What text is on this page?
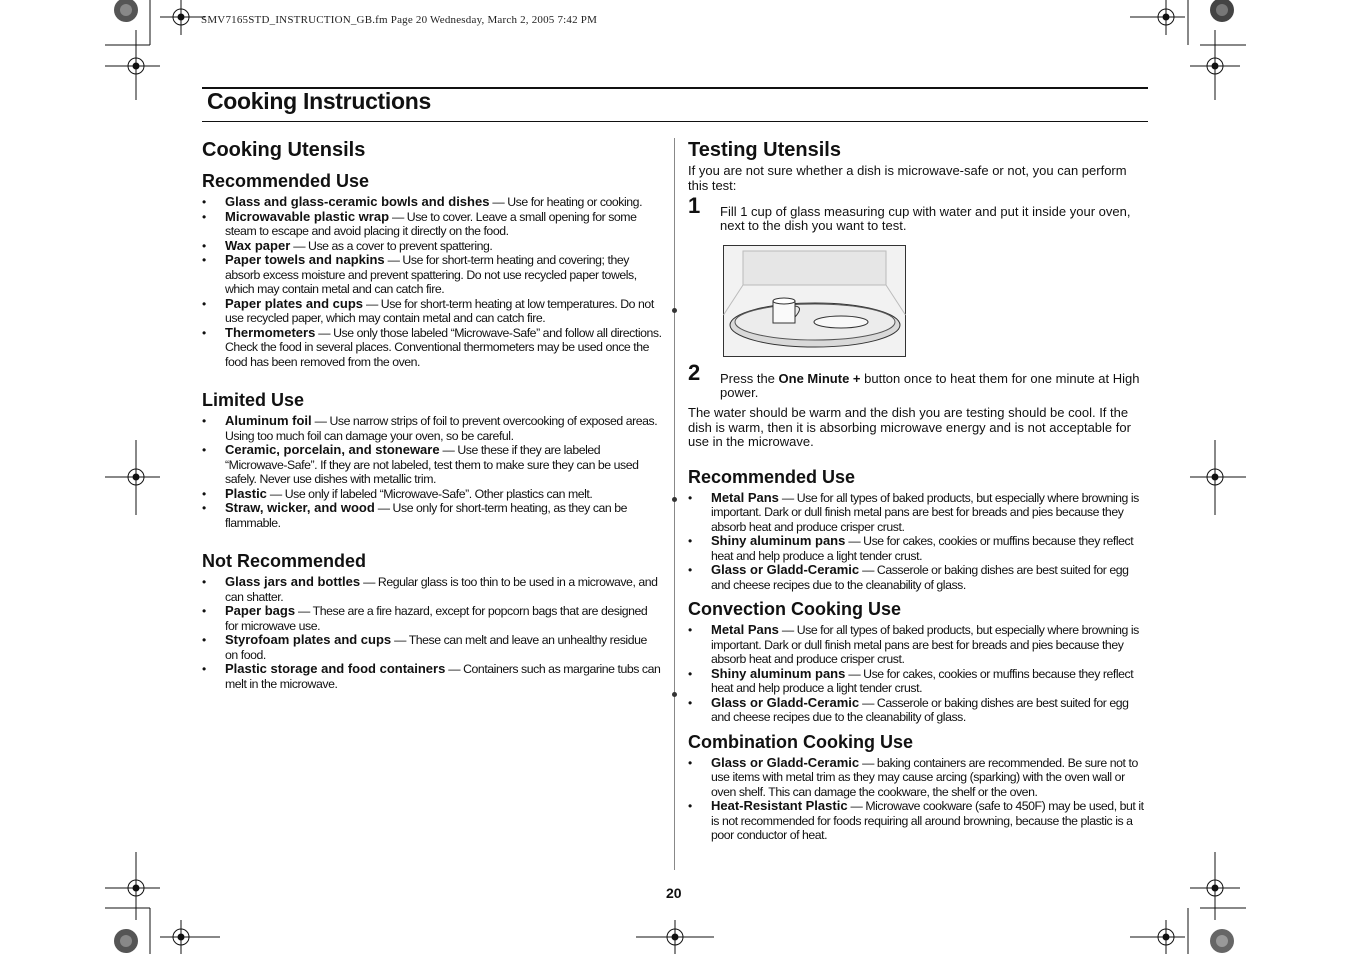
SMV7165STD_INSTRUCTION_GB.fm Page 20 Wednesday, March 2, 2005 7:42 PM
Cooking Instructions
Cooking Utensils
Recommended Use
• Glass and glass-ceramic bowls and dishes — Use for heating or cooking.
• Microwavable plastic wrap — Use to cover. Leave a small opening for some steam to escape and avoid placing it directly on the food.
• Wax paper — Use as a cover to prevent spattering.
• Paper towels and napkins — Use for short-term heating and covering; they absorb excess moisture and prevent spattering. Do not use recycled paper towels, which may contain metal and can catch fire.
• Paper plates and cups — Use for short-term heating at low temperatures. Do not use recycled paper, which may contain metal and can catch fire.
• Thermometers — Use only those labeled “Microwave-Safe” and follow all directions. Check the food in several places. Conventional thermometers may be used once the food has been removed from the oven.
Limited Use
• Aluminum foil — Use narrow strips of foil to prevent overcooking of exposed areas. Using too much foil can damage your oven, so be careful.
• Ceramic, porcelain, and stoneware — Use these if they are labeled “Microwave-Safe”. If they are not labeled, test them to make sure they can be used safely. Never use dishes with metallic trim.
• Plastic — Use only if labeled “Microwave-Safe”. Other plastics can melt.
• Straw, wicker, and wood — Use only for short-term heating, as they can be flammable.
Not Recommended
• Glass jars and bottles — Regular glass is too thin to be used in a microwave, and can shatter.
• Paper bags — These are a fire hazard, except for popcorn bags that are designed for microwave use.
• Styrofoam plates and cups — These can melt and leave an unhealthy residue on food.
• Plastic storage and food containers — Containers such as margarine tubs can melt in the microwave.
Testing Utensils

If you are not sure whether a dish is microwave-safe or not, you can perform this test:

1 Fill 1 cup of glass measuring cup with water and put it inside your oven, next to the dish you want to test.
2 Press the One Minute + button once to heat them for one minute at High power.

The water should be warm and the dish you are testing should be cool. If the dish is warm, then it is absorbing microwave energy and is not acceptable for use in the microwave.

Recommended Use
• Metal Pans — Use for all types of baked products, but especially where browning is important. Dark or dull finish metal pans are best for breads and pies because they absorb heat and produce crisper crust.
• Shiny aluminum pans — Use for cakes, cookies or muffins because they reflect heat and help produce a light tender crust.
• Glass or Gladd-Ceramic — Casserole or baking dishes are best suited for egg and cheese recipes due to the cleanability of glass.
Convection Cooking Use
• Metal Pans — Use for all types of baked products, but especially where browning is important. Dark or dull finish metal pans are best for breads and pies because they absorb heat and produce crisper crust.
• Shiny aluminum pans — Use for cakes, cookies or muffins because they reflect heat and help produce a light tender crust.
• Glass or Gladd-Ceramic — Casserole or baking dishes are best suited for egg and cheese recipes due to the cleanability of glass.
Combination Cooking Use
• Glass or Gladd-Ceramic — baking containers are recommended. Be sure not to use items with metal trim as they may cause arcing (sparking) with the oven wall or oven shelf. This can damage the cookware, the shelf or the oven.
• Heat-Resistant Plastic — Microwave cookware (safe to 450F) may be used, but it is not recommended for foods requiring all around browning, because the plastic is a poor conductor of heat.
20
